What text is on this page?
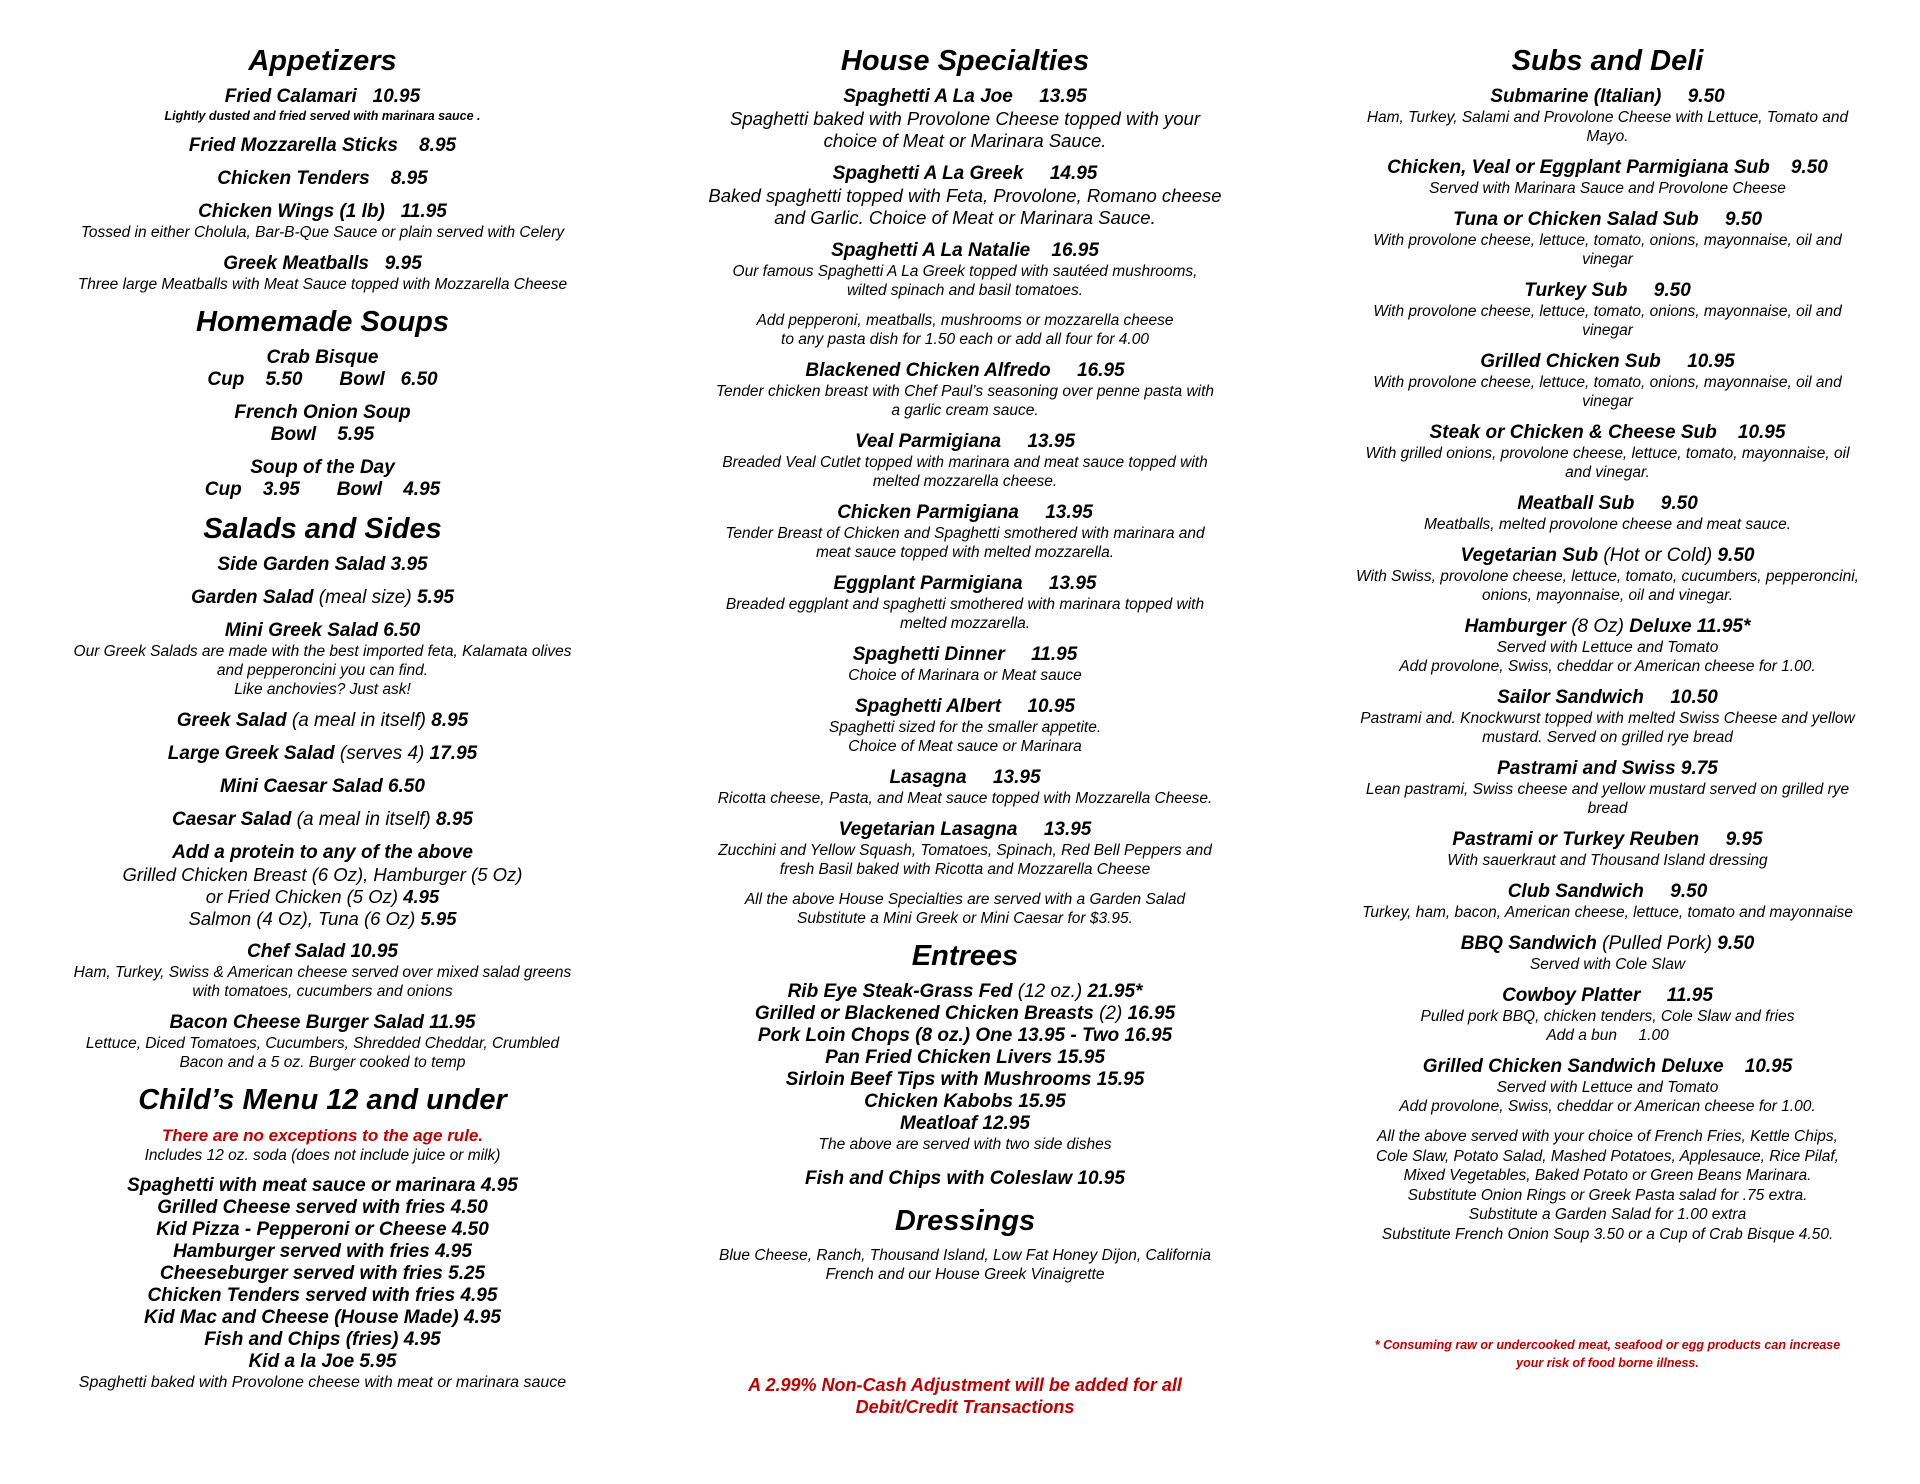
Appetizers
Fried Calamari 10.95
Lightly dusted and fried served with marinara sauce .
Fried Mozzarella Sticks 8.95
Chicken Tenders 8.95
Chicken Wings (1 lb) 11.95
Tossed in either Cholula, Bar-B-Que Sauce or plain served with Celery
Greek Meatballs 9.95
Three large Meatballs with Meat Sauce topped with Mozzarella Cheese
Homemade Soups
Crab Bisque
Cup    5.50       Bowl   6.50
French Onion Soup
Bowl    5.95
Soup of the Day
Cup    3.95       Bowl    4.95
Salads and Sides
Side Garden Salad 3.95
Garden Salad (meal size) 5.95
Mini Greek Salad 6.50
Our Greek Salads are made with the best imported feta, Kalamata olives
and pepperoncini you can find.
Like anchovies? Just ask!
Greek Salad (a meal in itself) 8.95
Large Greek Salad (serves 4) 17.95
Mini Caesar Salad 6.50
Caesar Salad (a meal in itself) 8.95
Add a protein to any of the above
Grilled Chicken Breast (6 Oz), Hamburger (5 Oz)
or Fried Chicken (5 Oz) 4.95
Salmon (4 Oz), Tuna (6 Oz) 5.95
Chef Salad 10.95
Ham, Turkey, Swiss & American cheese served over mixed salad greens
with tomatoes, cucumbers and onions
Bacon Cheese Burger Salad 11.95
Lettuce, Diced Tomatoes, Cucumbers, Shredded Cheddar, Crumbled
Bacon and a 5 oz. Burger cooked to temp
Child’s Menu 12 and under
There are no exceptions to the age rule.
Includes 12 oz. soda (does not include juice or milk)
Spaghetti with meat sauce or marinara 4.95
Grilled Cheese served with fries 4.50
Kid Pizza - Pepperoni or Cheese 4.50
Hamburger served with fries 4.95
Cheeseburger served with fries 5.25
Chicken Tenders served with fries 4.95
Kid Mac and Cheese (House Made) 4.95
Fish and Chips (fries) 4.95
Kid a la Joe 5.95
Spaghetti baked with Provolone cheese with meat or marinara sauce
House Specialties
Spaghetti A La Joe 13.95
Spaghetti baked with Provolone Cheese topped with your
choice of Meat or Marinara Sauce.
Spaghetti A La Greek 14.95
Baked spaghetti topped with Feta, Provolone, Romano cheese
and Garlic. Choice of Meat or Marinara Sauce.
Spaghetti A La Natalie 16.95
Our famous Spaghetti A La Greek topped with sautéed mushrooms,
wilted spinach and basil tomatoes.
Add pepperoni, meatballs, mushrooms or mozzarella cheese
to any pasta dish for 1.50 each or add all four for 4.00
Blackened Chicken Alfredo 16.95
Tender chicken breast with Chef Paul’s seasoning over penne pasta with
a garlic cream sauce.
Veal Parmigiana 13.95
Breaded Veal Cutlet topped with marinara and meat sauce topped with
melted mozzarella cheese.
Chicken Parmigiana 13.95
Tender Breast of Chicken and Spaghetti smothered with marinara and
meat sauce topped with melted mozzarella.
Eggplant Parmigiana 13.95
Breaded eggplant and spaghetti smothered with marinara topped with
melted mozzarella.
Spaghetti Dinner 11.95
Choice of Marinara or Meat sauce
Spaghetti Albert 10.95
Spaghetti sized for the smaller appetite.
Choice of Meat sauce or Marinara
Lasagna 13.95
Ricotta cheese, Pasta, and Meat sauce topped with Mozzarella Cheese.
Vegetarian Lasagna 13.95
Zucchini and Yellow Squash, Tomatoes, Spinach, Red Bell Peppers and
fresh Basil baked with Ricotta and Mozzarella Cheese
All the above House Specialties are served with a Garden Salad
Substitute a Mini Greek or Mini Caesar for $3.95.
Entrees
Rib Eye Steak-Grass Fed (12 oz.) 21.95*
Grilled or Blackened Chicken Breasts (2) 16.95
Pork Loin Chops (8 oz.) One 13.95 - Two 16.95
Pan Fried Chicken Livers 15.95
Sirloin Beef Tips with Mushrooms 15.95
Chicken Kabobs 15.95
Meatloaf 12.95
The above are served with two side dishes
Fish and Chips with Coleslaw 10.95
Dressings
Blue Cheese, Ranch, Thousand Island, Low Fat Honey Dijon, California
French and our House Greek Vinaigrette
A 2.99% Non-Cash Adjustment will be added for all
Debit/Credit Transactions
Subs and Deli
Submarine (Italian) 9.50
Ham, Turkey, Salami and Provolone Cheese with Lettuce, Tomato and
Mayo.
Chicken, Veal or Eggplant Parmigiana Sub 9.50
Served with Marinara Sauce and Provolone Cheese
Tuna or Chicken Salad Sub 9.50
With provolone cheese, lettuce, tomato, onions, mayonnaise, oil and
vinegar
Turkey Sub 9.50
With provolone cheese, lettuce, tomato, onions, mayonnaise, oil and
vinegar
Grilled Chicken Sub 10.95
With provolone cheese, lettuce, tomato, onions, mayonnaise, oil and
vinegar
Steak or Chicken & Cheese Sub 10.95
With grilled onions, provolone cheese, lettuce, tomato, mayonnaise, oil
and vinegar.
Meatball Sub 9.50
Meatballs, melted provolone cheese and meat sauce.
Vegetarian Sub (Hot or Cold) 9.50
With Swiss, provolone cheese, lettuce, tomato, cucumbers, pepperoncini,
onions, mayonnaise, oil and vinegar.
Hamburger (8 Oz) Deluxe 11.95*
Served with Lettuce and Tomato
Add provolone, Swiss, cheddar or American cheese for 1.00.
Sailor Sandwich 10.50
Pastrami and. Knockwurst topped with melted Swiss Cheese and yellow
mustard. Served on grilled rye bread
Pastrami and Swiss 9.75
Lean pastrami, Swiss cheese and yellow mustard served on grilled rye
bread
Pastrami or Turkey Reuben 9.95
With sauerkraut and Thousand Island dressing
Club Sandwich 9.50
Turkey, ham, bacon, American cheese, lettuce, tomato and mayonnaise
BBQ Sandwich (Pulled Pork) 9.50
Served with Cole Slaw
Cowboy Platter 11.95
Pulled pork BBQ, chicken tenders, Cole Slaw and fries
Add a bun     1.00
Grilled Chicken Sandwich Deluxe 10.95
Served with Lettuce and Tomato
Add provolone, Swiss, cheddar or American cheese for 1.00.
All the above served with your choice of French Fries, Kettle Chips,
Cole Slaw, Potato Salad, Mashed Potatoes, Applesauce, Rice Pilaf,
Mixed Vegetables, Baked Potato or Green Beans Marinara.
Substitute Onion Rings or Greek Pasta salad for .75 extra.
Substitute a Garden Salad for 1.00 extra
Substitute French Onion Soup 3.50 or a Cup of Crab Bisque 4.50.
* Consuming raw or undercooked meat, seafood or egg products can increase
your risk of food borne illness.
